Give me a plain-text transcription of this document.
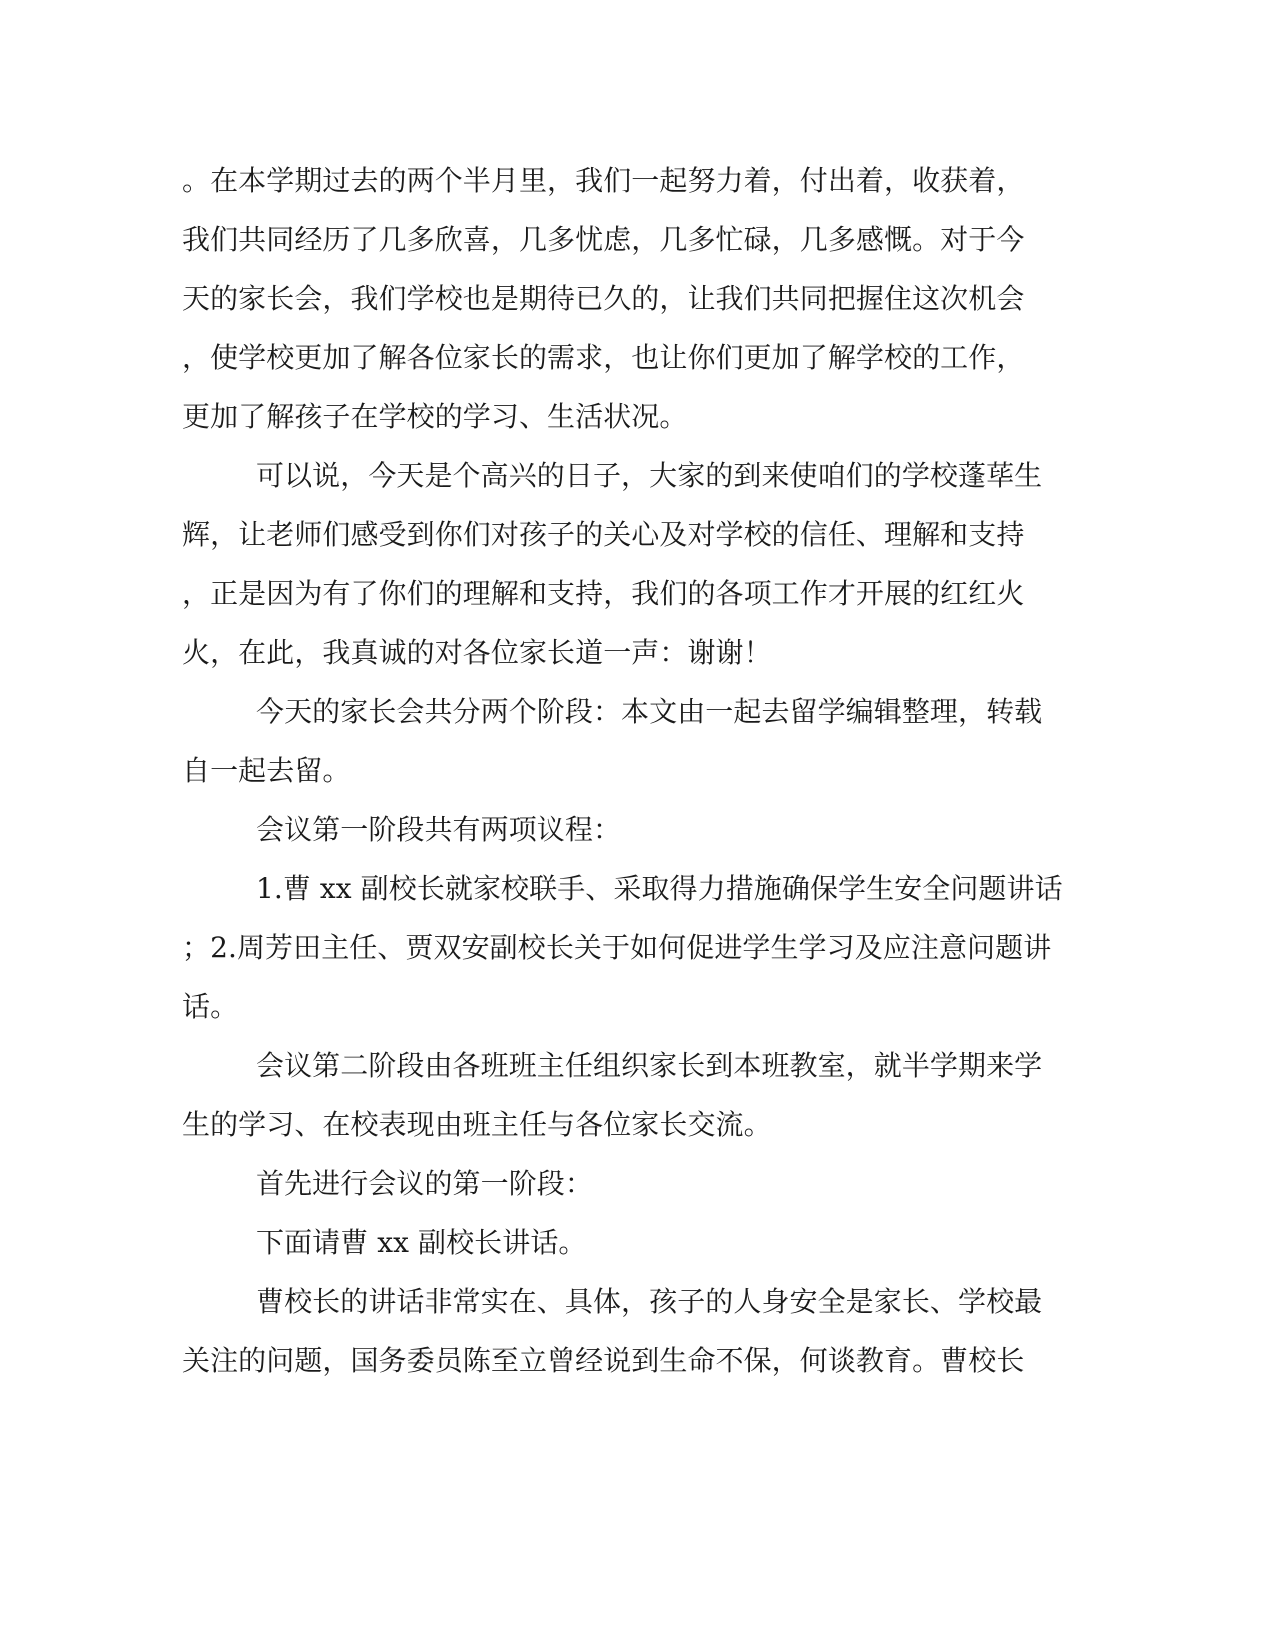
。在本学期过去的两个半月里，我们一起努力着，付出着，收获着，
我们共同经历了几多欣喜，几多忧虑，几多忙碌，几多感慨。对于今
天的家长会，我们学校也是期待已久的，让我们共同把握住这次机会
，使学校更加了解各位家长的需求，也让你们更加了解学校的工作，
更加了解孩子在学校的学习、生活状况。
可以说，今天是个高兴的日子，大家的到来使咱们的学校蓬荜生
辉，让老师们感受到你们对孩子的关心及对学校的信任、理解和支持
，正是因为有了你们的理解和支持，我们的各项工作才开展的红红火
火，在此，我真诚的对各位家长道一声：谢谢！
今天的家长会共分两个阶段：本文由一起去留学编辑整理，转载
自一起去留。
会议第一阶段共有两项议程：
1.曹 xx 副校长就家校联手、采取得力措施确保学生安全问题讲话
；2.周芳田主任、贾双安副校长关于如何促进学生学习及应注意问题讲
话。
会议第二阶段由各班班主任组织家长到本班教室，就半学期来学
生的学习、在校表现由班主任与各位家长交流。
首先进行会议的第一阶段：
下面请曹 xx 副校长讲话。
曹校长的讲话非常实在、具体，孩子的人身安全是家长、学校最
关注的问题，国务委员陈至立曾经说到生命不保，何谈教育。曹校长
